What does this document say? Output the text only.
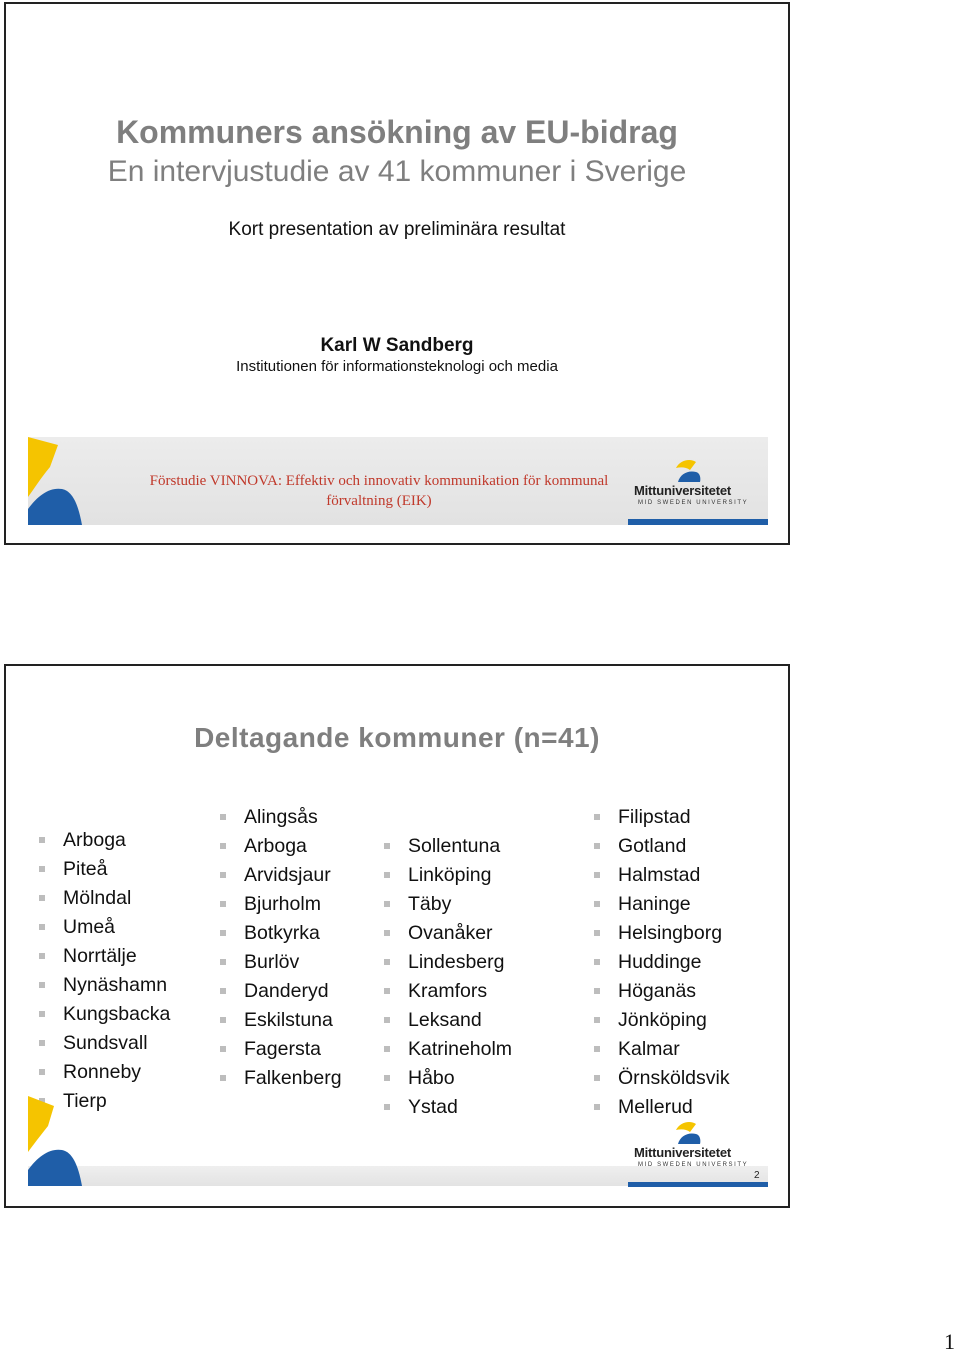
Kommuners ansökning av EU-bidrag
En intervjustudie av 41 kommuner i Sverige
Kort presentation av preliminära resultat
Karl W Sandberg
Institutionen för informationsteknologi och media
Förstudie VINNOVA: Effektiv och innovativ kommunikation för kommunal
förvaltning (EIK)
Mittuniversitetet
MID SWEDEN UNIVERSITY
Deltagande kommuner (n=41)
Arboga
Piteå
Mölndal
Umeå
Norrtälje
Nynäshamn
Kungsbacka
Sundsvall
Ronneby
Tierp
Alingsås
Arboga
Arvidsjaur
Bjurholm
Botkyrka
Burlöv
Danderyd
Eskilstuna
Fagersta
Falkenberg
Sollentuna
Linköping
Täby
Ovanåker
Lindesberg
Kramfors
Leksand
Katrineholm
Håbo
Ystad
Filipstad
Gotland
Halmstad
Haninge
Helsingborg
Huddinge
Höganäs
Jönköping
Kalmar
Örnsköldsvik
Mellerud
Mittuniversitetet
MID SWEDEN UNIVERSITY
2
1
